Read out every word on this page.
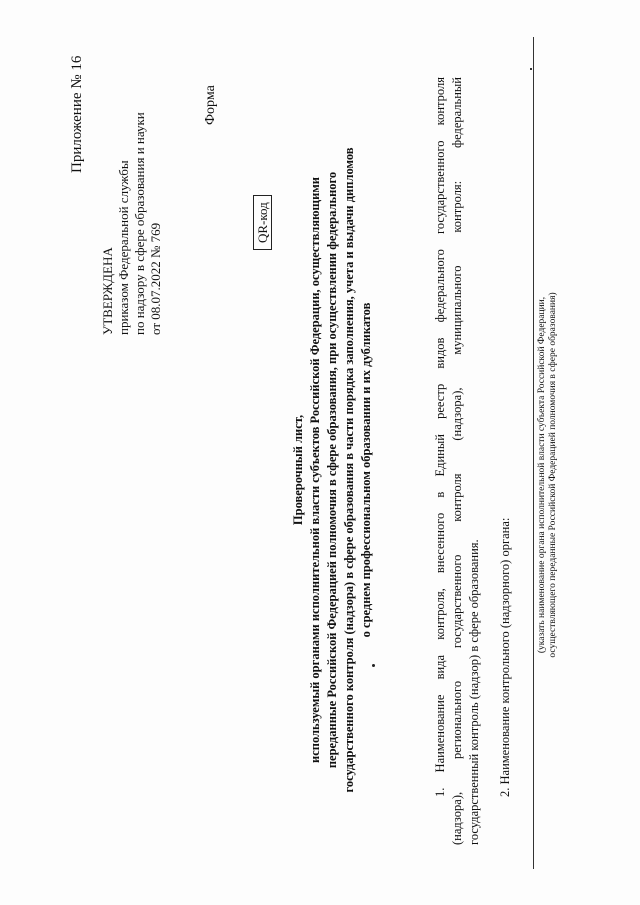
Приложение № 16
УТВЕРЖДЕНА приказом Федеральной службы по надзору в сфере образования и науки от 08.07.2022 № 769
Форма
QR-код
Проверочный лист, используемый органами исполнительной власти субъектов Российской Федерации, осуществляющими переданные Российской Федерацией полномочия в сфере образования, при осуществлении федерального государственного контроля (надзора) в сфере образования в части порядка заполнения, учета и выдачи дипломов о среднем профессиональном образовании и их дубликатов	1. Наименование вида контроля, внесенного в Единый реестр видов федерального государственного контроля (надзора), регионального государственного контроля (надзора), муниципального контроля: федеральный государственный контроль (надзор) в сфере образования. 2. Наименование контрольного (надзорного) органа:
(указать наименование органа исполнительной власти субъекта Российской Федерации, осуществляющего переданные Российской Федерацией полномочия в сфере образования)
